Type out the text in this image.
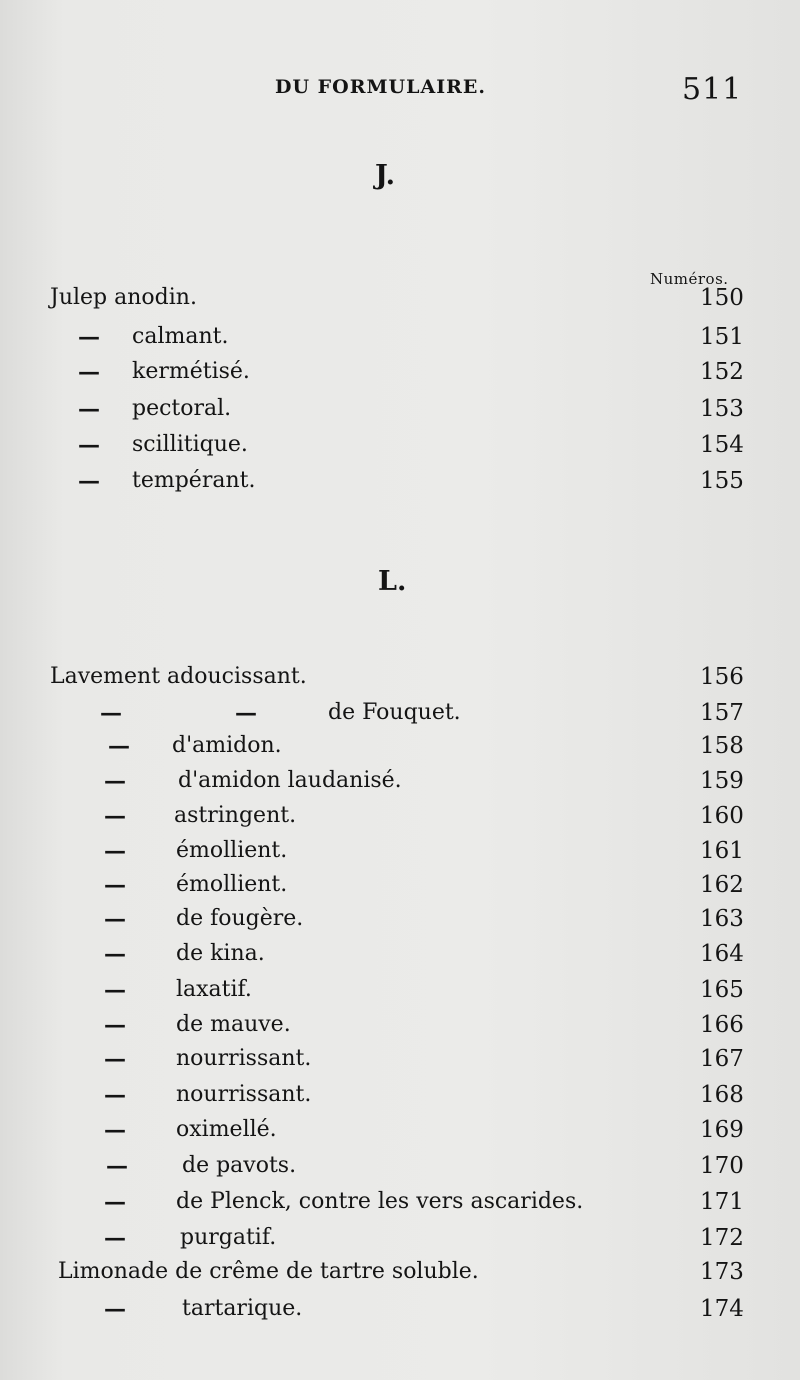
DU FORMULAIRE.	511
J.
Numéros.
Julep anodin.	150
— calmant.	151
— kermétisé.	152
— pectoral.	153
— scillitique.	154
— tempérant.	155
L.
Lavement adoucissant.	156
—	—	de Fouquet.	157
— d'amidon.	158
— d'amidon laudanisé.	159
— astringent.	160
— émollient.	161
— émollient.	162
— de fougère.	163
— de kina.	164
— laxatif.	165
— de mauve.	166
— nourrissant.	167
— nourrissant.	168
— oximellé.	169
— de pavots.	170
— de Plenck, contre les vers ascarides.	171
— purgatif.	172
Limonade de crême de tartre soluble.	173
—	tartarique.	174
